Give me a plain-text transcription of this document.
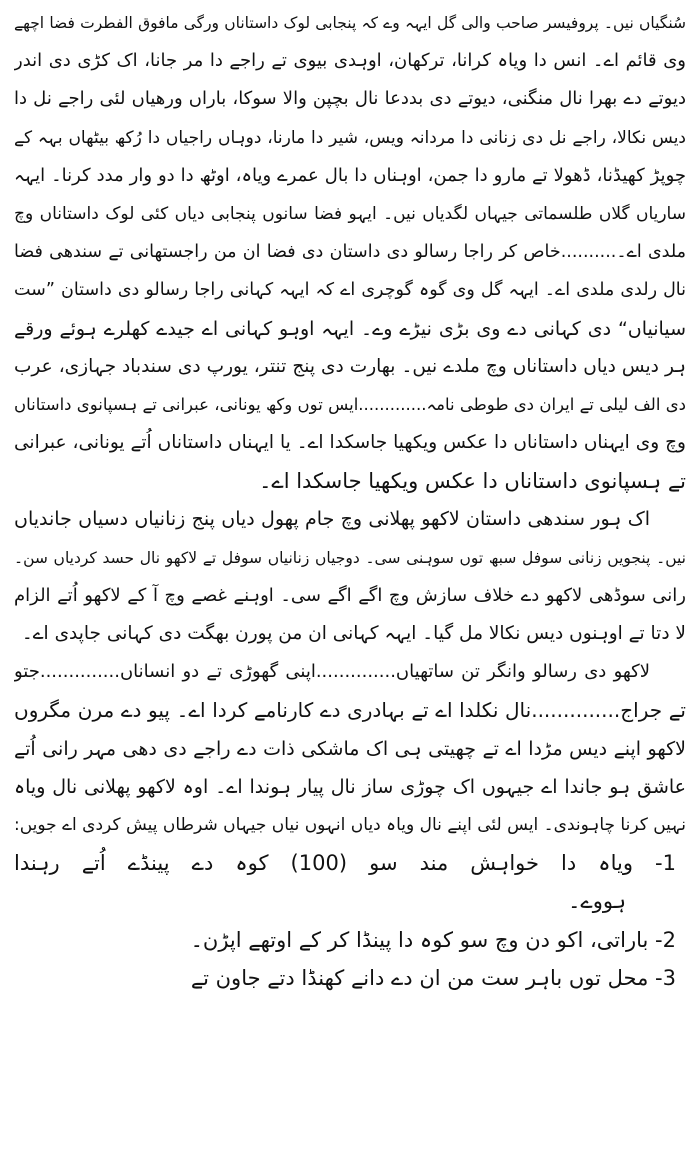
سُنگیاں نیں۔ پروفیسر صاحب والی گل ایہہ وے کہ پنجابی لوک داستاناں ورگی مافوق الفطرت فضا اچھے

وی قائم اے۔ انس دا ویاہ کرانا، ترکھان، اوہدی بیوی تے راجے دا مر جانا، اک کڑی دی اندر

دیوتے دے بھرا نال منگنی، دیوتے دی بددعا نال بچپن والا سوکا، باراں ورھیاں لئی راجے نل دا

دیس نکالا، راجے نل دی زنانی دا مردانہ ویس، شیر دا مارنا، دوہاں راجیاں دا رُکھ بیٹھاں بہہ کے

چوپڑ کھیڈنا، ڈھولا تے مارو دا جمن، اوہناں دا بال عمرے ویاہ، اوٹھ دا دو وار مدد کرنا۔ ایہہ

ساریاں گلاں طلسماتی جیہاں لگدیاں نیں۔ ایہو فضا سانوں پنجابی دیاں کئی لوک داستاناں وچ

ملدی اے۔..........خاص کر راجا رسالو دی داستان دی فضا ان من راجستھانی تے سندھی فضا

نال رلدی ملدی اے۔ ایہہ گل وی گوہ گوچری اے کہ ایہہ کہانی راجا رسالو دی داستان ”ست

سیانیاں“ دی کہانی دے وی بڑی نیڑے وے۔ ایہہ اوہو کہانی اے جیدے کھلرے ہوئے ورقے

ہر دیس دیاں داستاناں وچ ملدے نیں۔ بھارت دی پنج تنتر، یورپ دی سندباد جہازی، عرب

دی الف لیلی تے ایران دی طوطی نامہ.............ایس توں وکھ یونانی، عبرانی تے ہسپانوی داستاناں

وچ وی ایہناں داستاناں دا عکس ویکھیا جاسکدا اے۔ یا ایہناں داستاناں اُتے یونانی، عبرانی

تے ہسپانوی داستاناں دا عکس ویکھیا جاسکدا اے۔

اک ہور سندھی داستان لاکھو پھلانی وچ جام پھول دیاں پنج زنانیاں دسیاں جاندیاں

نیں۔ پنجویں زنانی سوفل سبھ توں سوہنی سی۔ دوجیاں زنانیاں سوفل تے لاکھو نال حسد کردیاں سن۔

رانی سوڈھی لاکھو دے خلاف سازش وچ اگے اگے سی۔ اوہنے غصے وچ آ کے لاکھو اُتے الزام

لا دتا تے اوہنوں دیس نکالا مل گیا۔ ایہہ کہانی ان من پورن بھگت دی کہانی جاپدی اے۔

لاکھو دی رسالو وانگر تن ساتھیاں..............اپنی گھوڑی تے دو انساناں..............جتو

تے جراج..............نال نکلدا اے تے بہادری دے کارنامے کردا اے۔ پیو دے مرن مگروں

لاکھو اپنے دیس مڑدا اے تے چھیتی ہی اک ماشکی ذات دے راجے دی دھی مہر رانی اُتے

عاشق ہو جاندا اے جیہوں اک چوڑی ساز نال پیار ہوندا اے۔ اوہ لاکھو پھلانی نال ویاہ

نہیں کرنا چاہوندی۔ ایس لئی اپنے نال ویاہ دیاں انہوں نیاں جیہاں شرطاں پیش کردی اے جویں:

1- ویاہ دا خواہش مند سو (100) کوہ دے پینڈے اُتے رہندا

ہووے۔

2- باراتی، اکو دن وچ سو کوہ دا پینڈا کر کے اوتھے اپڑن۔

3- محل توں باہر ست من ان دے دانے کھنڈا دتے جاون تے
